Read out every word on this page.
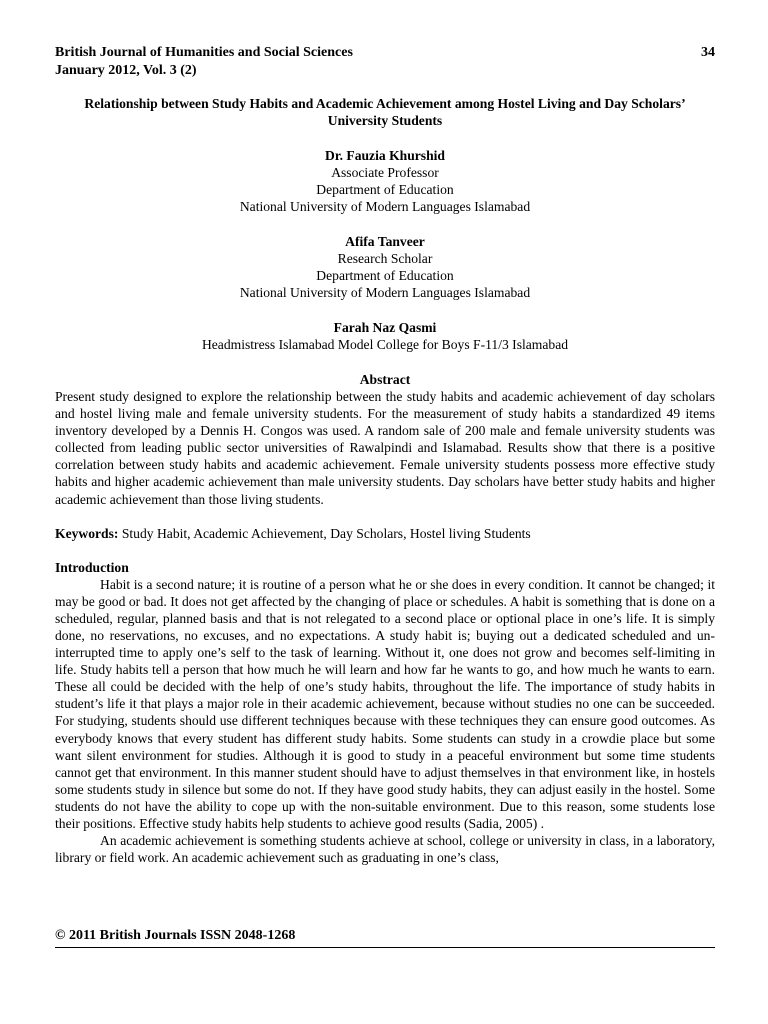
British Journal of Humanities and Social Sciences	34
January 2012, Vol. 3 (2)
Relationship between Study Habits and Academic Achievement among Hostel Living and Day Scholars’ University Students
Dr. Fauzia Khurshid
Associate Professor
Department of Education
National University of Modern Languages Islamabad
Afifa Tanveer
Research Scholar
Department of Education
National University of Modern Languages Islamabad
Farah Naz Qasmi
Headmistress Islamabad Model College for Boys F-11/3 Islamabad
Abstract

Present study designed to explore the relationship between the study habits and academic achievement of day scholars and hostel living male and female university students. For the measurement of study habits a standardized 49 items inventory developed by a Dennis H. Congos was used. A random sale of 200 male and female university students was collected from leading public sector universities of Rawalpindi and Islamabad. Results show that there is a positive correlation between study habits and academic achievement. Female university students possess more effective study habits and higher academic achievement than male university students. Day scholars have better study habits and higher academic achievement than those living students.

Keywords: Study Habit, Academic Achievement, Day Scholars, Hostel living Students
Introduction

Habit is a second nature; it is routine of a person what he or she does in every condition. It cannot be changed; it may be good or bad. It does not get affected by the changing of place or schedules. A habit is something that is done on a scheduled, regular, planned basis and that is not relegated to a second place or optional place in one’s life. It is simply done, no reservations, no excuses, and no expectations. A study habit is; buying out a dedicated scheduled and un-interrupted time to apply one’s self to the task of learning. Without it, one does not grow and becomes self-limiting in life. Study habits tell a person that how much he will learn and how far he wants to go, and how much he wants to earn. These all could be decided with the help of one’s study habits, throughout the life. The importance of study habits in student’s life it that plays a major role in their academic achievement, because without studies no one can be succeeded. For studying, students should use different techniques because with these techniques they can ensure good outcomes. As everybody knows that every student has different study habits. Some students can study in a crowdie place but some want silent environment for studies. Although it is good to study in a peaceful environment but some time students cannot get that environment. In this manner student should have to adjust themselves in that environment like, in hostels some students study in silence but some do not. If they have good study habits, they can adjust easily in the hostel. Some students do not have the ability to cope up with the non-suitable environment. Due to this reason, some students lose their positions. Effective study habits help students to achieve good results (Sadia, 2005) .

An academic achievement is something students achieve at school, college or university in class, in a laboratory, library or field work. An academic achievement such as graduating in one’s class,

© 2011 British Journals ISSN 2048-1268
